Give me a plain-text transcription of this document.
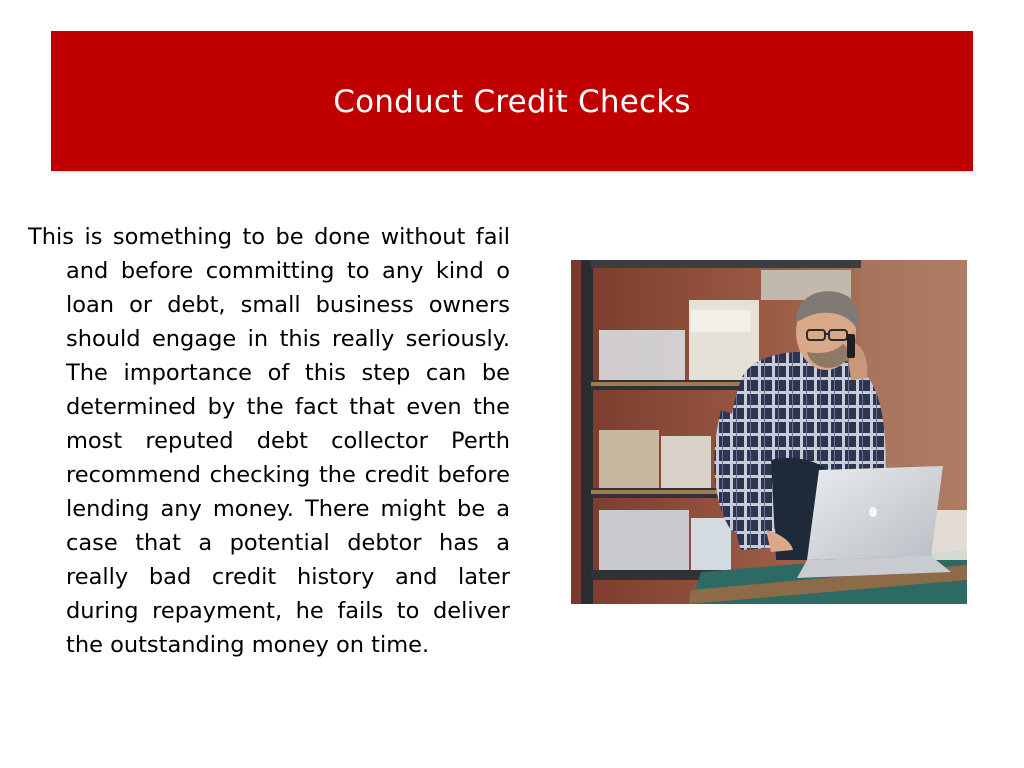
Conduct Credit Checks

This is something to be done without fail and before committing to any kind o loan or debt, small business owners should engage in this really seriously. The importance of this step can be determined by the fact that even the most reputed debt collector Perth recommend checking the credit before lending any money. There might be a case that a potential debtor has a really bad credit history and later during repayment, he fails to deliver the outstanding money on time.
